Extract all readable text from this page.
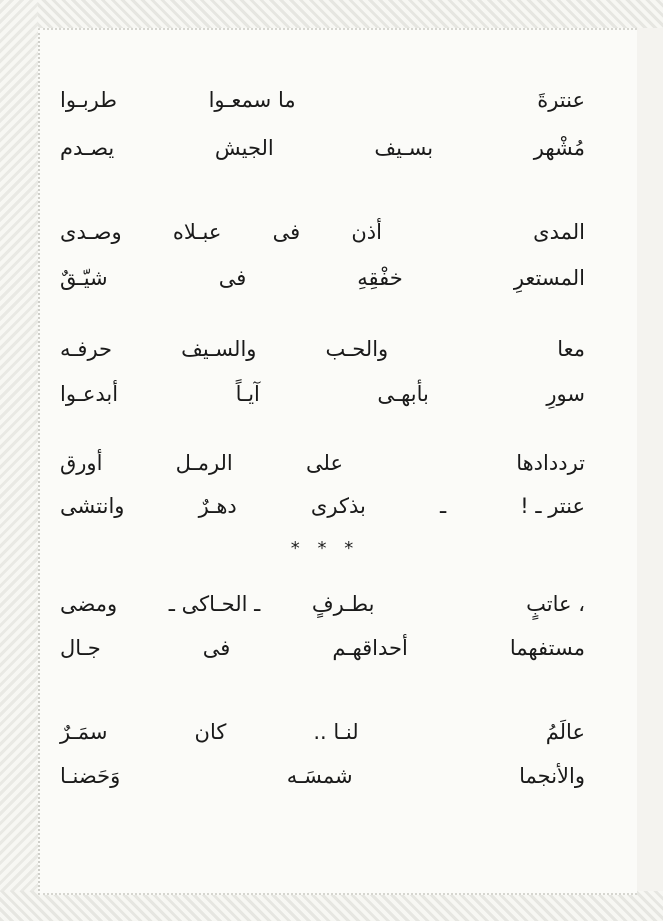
طربـوا	ما سمعـوا	عنترةَ
يصـدم	الجيش	بسـيف	مُشْهر
وصـدى عبـلاه فى أذن	المدى
شيّـقٌ	فى	خفْقِهِ	المستعرِ
حرفـه	والسـيف	والحـب	معا
أبدعـوا	آيـاً	بأبهـى	سورِ
أورق	الرمـل	على	ترددادها
وانتشى	دهـرٌ	بذكرى	ـ	عنتر ـ !
* * *
ومضى ـ الحـاكى ـ بطـرفٍ	، عاتبٍ
جـال	فى	أحداقهـم	مستفهما
سمَـرٌ	كان	لنـا ..	عالَمُ
وَحَضنـا	شمسَـه	والأنجما
